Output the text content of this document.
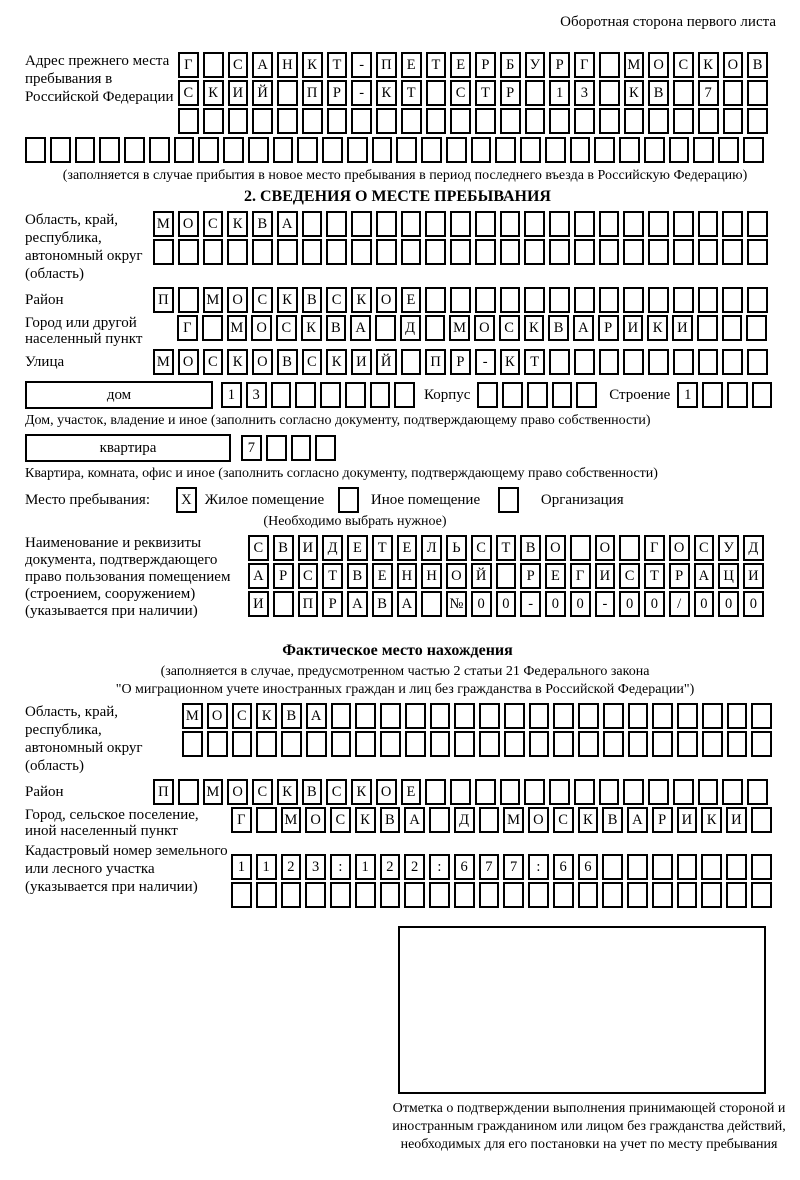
Оборотная сторона первого листа
Адрес прежнего места пребывания в Российской Федерации
Г	С	А Н	К	Т	-	П	Е	Т	Е	Р	Б	У	Р	Г	М О	С	К	О	В
С	К	И Й	П	Р	-	К	Т	С	Т	Р	1	3	К	В	7
(заполняется в случае прибытия в новое место пребывания в период последнего въезда в Российскую Федерацию)
2. СВЕДЕНИЯ О МЕСТЕ ПРЕБЫВАНИЯ
Область, край, республика, автономный округ (область)
М О	С	К	В	А
Район	П	М О	С	К	В	С	К	О	Е
Город или другой населенный пункт
Г	М О	С	К	В	А	Д	М О	С	К	В	А	Р	И	К	И
Улица	М О	С	К	О	В	С	К	И Й	П	Р	-	К	Т
дом	1	3	Корпус	Строение 1
Дом, участок, владение и иное (заполнить согласно документу, подтверждающему право собственности)
квартира	7
Квартира, комната, офис и иное (заполнить согласно документу, подтверждающему право собственности)
Место пребывания:	X Жилое помещение	Иное помещение	Организация
(Необходимо выбрать нужное)
Наименование и реквизиты документа, подтверждающего право пользования помещением (строением, сооружением) (указывается при наличии)
С	В	И	Д	Е	Т	Е	Л	Ь	С	Т	В	О	О	Г	О	С	У	Д
А	Р	С	Т	В	Е	Н Н О Й	Р	Е	Г	И	С	Т	Р	А Ц И
И	П	Р	А	В	А	№ 0	0	-	0	0	-	0	0	/	0	0	0
Фактическое место нахождения
(заполняется в случае, предусмотренном частью 2 статьи 21 Федерального закона
"О миграционном учете иностранных граждан и лиц без гражданства в Российской Федерации")
Область, край, республика, автономный округ (область)
М О	С	К	В	А
Район	П	М О	С	К	В	С	К	О	Е
Город, сельское поселение, иной населенный пункт
Г	М О	С	К	В	А	Д	М О	С	К	В	А	Р	И	К	И
Кадастровый номер земельного или лесного участка (указывается при наличии)
1	1	2	3	:	1	2	2	:	6	7	7	:	6	6
Отметка о подтверждении выполнения принимающей стороной и иностранным гражданином или лицом без гражданства действий, необходимых для его постановки на учет по месту пребывания
